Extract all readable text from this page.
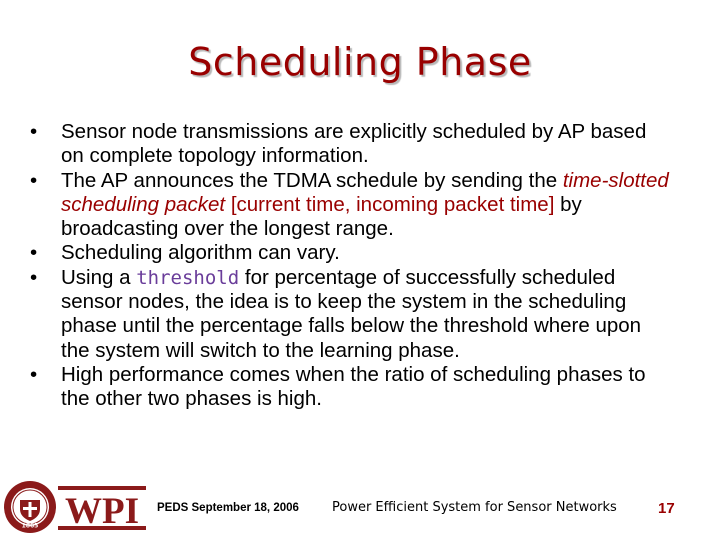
Scheduling Phase
• Sensor node transmissions are explicitly scheduled by AP based on complete topology information.
• The AP announces the TDMA schedule by sending the time-slotted scheduling packet [current time, incoming packet time] by broadcasting over the longest range.
• Scheduling algorithm can vary.
• Using a threshold for percentage of successfully scheduled sensor nodes, the idea is to keep the system in the scheduling phase until the percentage falls below the threshold where upon the system will switch to the learning phase.
• High performance comes when the ratio of scheduling phases to the other two phases is high.
1865 WPI PEDS September 18, 2006	Power Efficient System for Sensor Networks	17
